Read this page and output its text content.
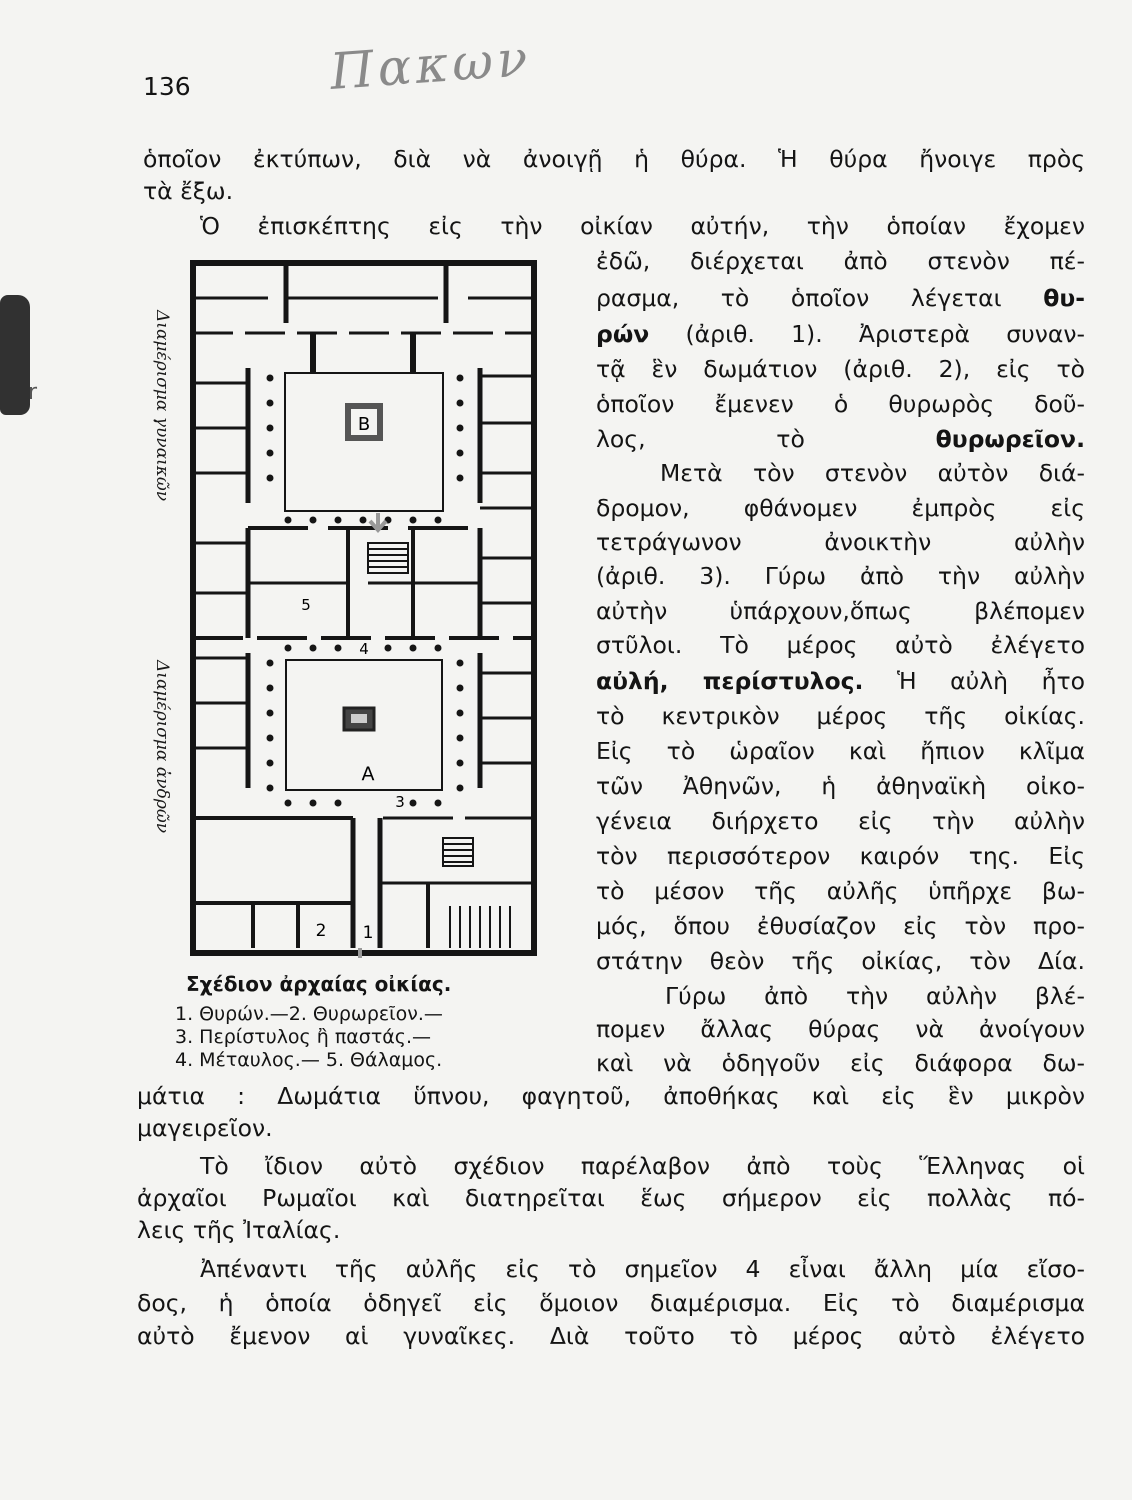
r
136	Πακων
ὁποῖον ἐκτύπων, διὰ νὰ ἀνοιγῇ ἡ θύρα. Ἡ θύρα ἤνοιγε πρὸς
τὰ ἔξω.
Ὁ ἐπισκέπτης εἰς τὴν οἰκίαν αὐτήν, τὴν ὁποίαν ἔχομεν
ἐδῶ, διέρχεται ἀπὸ στενὸν πέ-
ρασμα, τὸ ὁποῖον λέγεται θυ-
ρών (ἀριθ. 1). Ἀριστερὰ συναν-
τᾷ ἓν δωμάτιον (ἀριθ. 2), εἰς τὸ
ὁποῖον ἔμενεν ὁ θυρωρὸς δοῦ-
λος, τὸ	θυρωρεῖον.
Μετὰ τὸν στενὸν αὐτὸν διά-
δρομον, φθάνομεν ἐμπρὸς εἰς
τετράγωνον ἀνοικτὴν αὐλὴν
(ἀριθ. 3). Γύρω ἀπὸ τὴν αὐλὴν
αὐτὴν ὑπάρχουν,ὅπως βλέπομεν
στῦλοι. Τὸ μέρος αὐτὸ ἐλέγετο
αὐλή, περίστυλος. Ἡ αὐλὴ ἦτο
τὸ κεντρικὸν μέρος τῆς οἰκίας.
Εἰς τὸ ὡραῖον καὶ ἤπιον κλῖμα
τῶν Ἀθηνῶν, ἡ ἀθηναϊκὴ οἰκο-
γένεια διήρχετο εἰς τὴν αὐλὴν
τὸν περισσότερον καιρόν της. Εἰς
τὸ μέσον τῆς αὐλῆς ὑπῆρχε βω-
μός, ὅπου ἐθυσίαζον εἰς τὸν προ-
στάτην θεὸν τῆς οἰκίας, τὸν Δία.
Γύρω ἀπὸ τὴν αὐλὴν βλέ-
πομεν ἄλλας θύρας νὰ ἀνοίγουν
καὶ νὰ ὁδηγοῦν εἰς διάφορα δω-
Διαμέρισμα γυναικῶν
Διαμέρισμα ἀνδρῶν
Β
Α
1
2
3
4
5
Σχέδιον ἀρχαίας οἰκίας.
1. Θυρών.—2. Θυρωρεῖον.—
3. Περίστυλος ἢ παστάς.—
4. Μέταυλος.— 5. Θάλαμος.
μάτια : Δωμάτια ὕπνου, φαγητοῦ, ἀποθήκας καὶ εἰς ἓν μικρὸν
μαγειρεῖον.
Τὸ ἴδιον αὐτὸ σχέδιον παρέλαβον ἀπὸ τοὺς Ἕλληνας οἱ
ἀρχαῖοι Ρωμαῖοι καὶ διατηρεῖται ἕως σήμερον εἰς πολλὰς πό-
λεις τῆς Ἰταλίας.
Ἀπέναντι τῆς αὐλῆς εἰς τὸ σημεῖον 4 εἶναι ἄλλη μία εἴσο-
δος, ἡ ὁποία ὁδηγεῖ εἰς ὅμοιον διαμέρισμα. Εἰς τὸ διαμέρισμα
αὐτὸ ἔμενον αἱ γυναῖκες. Διὰ τοῦτο τὸ μέρος αὐτὸ ἐλέγετο
